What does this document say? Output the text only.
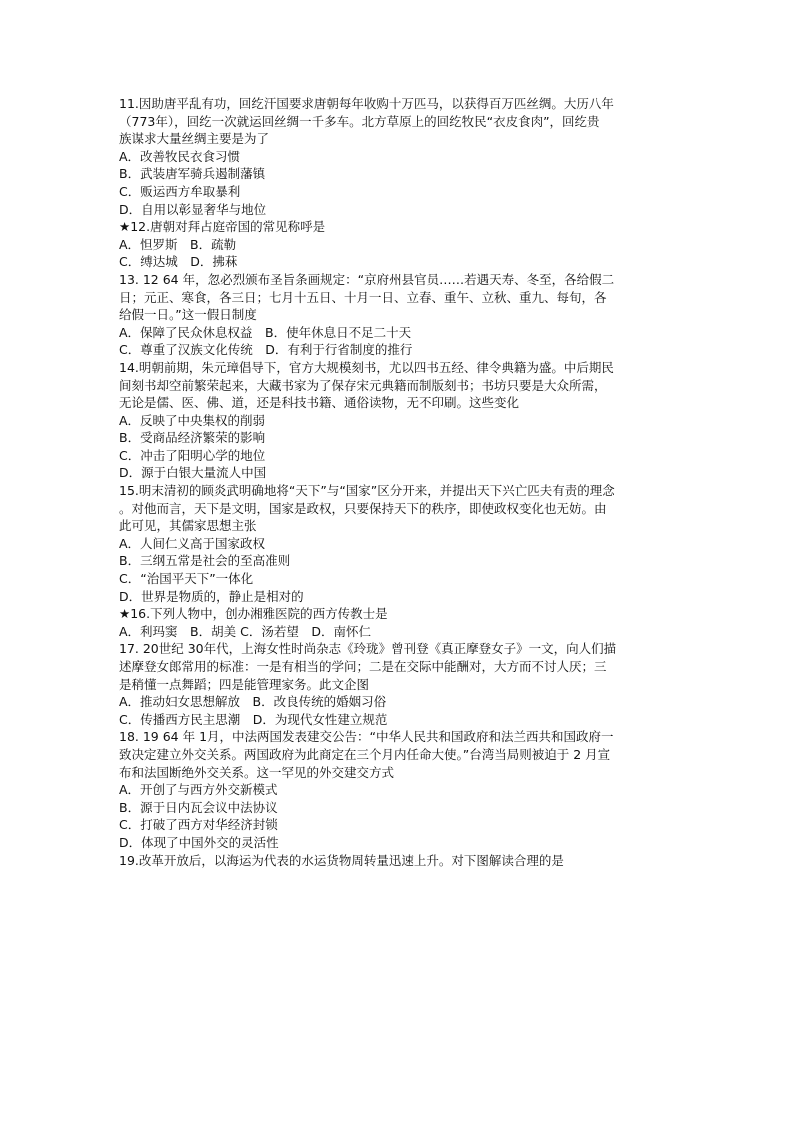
11.因助唐平乱有功，回纥汗国要求唐朝每年收购十万匹马，以获得百万匹丝绸。大历八年
（773年），回纥一次就运回丝绸一千多车。北方草原上的回纥牧民“衣皮食肉”，回纥贵
族谋求大量丝绸主要是为了
A．改善牧民衣食习惯
B．武装唐军骑兵遏制藩镇
C．贩运西方牟取暴利
D．自用以彰显奢华与地位
★12.唐朝对拜占庭帝国的常见称呼是
A．怛罗斯　B．疏勒
C．缚达城　D．拂菻
13. 12 64 年，忽必烈颁布圣旨条画规定：“京府州县官员……若遇天寿、冬至，各给假二
日；元正、寒食，各三日；七月十五日、十月一日、立春、重午、立秋、重九、每旬，各
给假一日。”这一假日制度
A．保障了民众休息权益　B．使年休息日不足二十天
C．尊重了汉族文化传统　D．有利于行省制度的推行
14.明朝前期，朱元璋倡导下，官方大规模刻书，尤以四书五经、律令典籍为盛。中后期民
间刻书却空前繁荣起来，大藏书家为了保存宋元典籍而制版刻书；书坊只要是大众所需，
无论是儒、医、佛、道，还是科技书籍、通俗读物，无不印刷。这些变化
A．反映了中央集权的削弱
B．受商品经济繁荣的影响
C．冲击了阳明心学的地位
D．源于白银大量流人中国
15.明末清初的顾炎武明确地将“天下”与“国家”区分开来，并提出天下兴亡匹夫有责的理念
。对他而言，天下是文明，国家是政权，只要保持天下的秩序，即使政权变化也无妨。由
此可见，其儒家思想主张
A．人间仁义高于国家政权
B．三纲五常是社会的至高准则
C．“治国平天下”一体化
D．世界是物质的，静止是相对的
★16.下列人物中，创办湘雅医院的西方传教士是
A．利玛窦　B．胡美 C．汤若望　D．南怀仁
17. 20世纪 30年代，上海女性时尚杂志《玲珑》曾刊登《真正摩登女子》一文，向人们描
述摩登女郎常用的标准：一是有相当的学问；二是在交际中能酬对，大方而不讨人厌；三
是稍懂一点舞蹈；四是能管理家务。此文企图
A．推动妇女思想解放　B．改良传统的婚姻习俗
C．传播西方民主思潮　D．为现代女性建立规范
18. 19 64 年 1月，中法两国发表建交公告：“中华人民共和国政府和法兰西共和国政府一
致决定建立外交关系。两国政府为此商定在三个月内任命大使。”台湾当局则被迫于 2 月宣
布和法国断绝外交关系。这一罕见的外交建交方式
A．开创了与西方外交新模式
B．源于日内瓦会议中法协议
C．打破了西方对华经济封锁
D．体现了中国外交的灵活性
19.改革开放后，以海运为代表的水运货物周转量迅速上升。对下图解读合理的是
